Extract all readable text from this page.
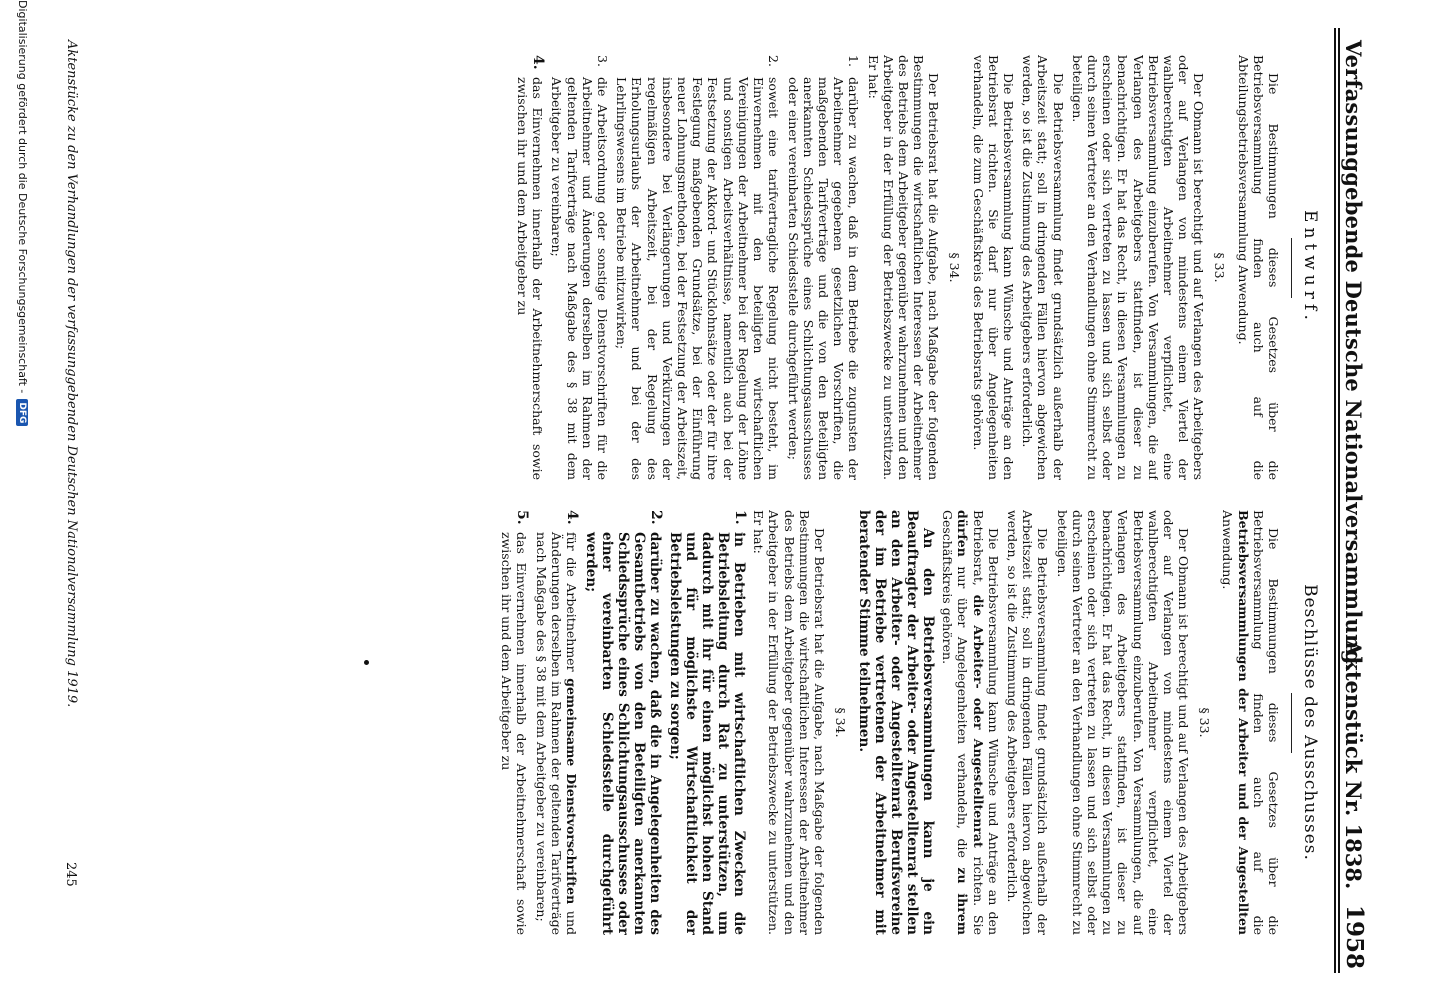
Verfassunggebende Deutsche Nationalversammlung.
Aktenstück Nr. 1838.
1958
Entwurf.

Die Bestimmungen dieses Gesetzes über die Betriebsversammlung finden auch auf die Abteilungsbetriebsversammlung Anwendung.

§ 33.

Der Obmann ist berechtigt und auf Verlangen des Arbeitgebers oder auf Verlangen von mindestens einem Viertel der wahlberechtigten Arbeitnehmer verpflichtet, eine Betriebsversammlung einzuberufen. Von Versammlungen, die auf Verlangen des Arbeitgebers stattfinden, ist dieser zu benachrichtigen. Er hat das Recht, in diesen Versammlungen zu erscheinen oder sich vertreten zu lassen und sich selbst oder durch seinen Vertreter an den Verhandlungen ohne Stimmrecht zu beteiligen.

Die Betriebsversammlung findet grundsätzlich außerhalb der Arbeitszeit statt; soll in dringenden Fällen hiervon abgewichen werden, so ist die Zustimmung des Arbeitgebers erforderlich.

Die Betriebsversammlung kann Wünsche und Anträge an den Betriebsrat richten. Sie darf nur über Angelegenheiten verhandeln, die zum Geschäftskreis des Betriebsrats gehören.

§ 34.

Der Betriebsrat hat die Aufgabe, nach Maßgabe der folgenden Bestimmungen die wirtschaftlichen Interessen der Arbeitnehmer des Betriebs dem Arbeitgeber gegenüber wahrzunehmen und den Arbeitgeber in der Erfüllung der Betriebszwecke zu unterstützen. Er hat:

1.

darüber zu wachen, daß in dem Betriebe die zugunsten der Arbeitnehmer gegebenen gesetzlichen Vorschriften, die maßgebenden Tarifverträge und die von den Beteiligten anerkannten Schiedssprüche eines Schlichtungsausschusses oder einer vereinbarten Schiedsstelle durchgeführt werden;

2.

soweit eine tarifvertragliche Regelung nicht besteht, im Einvernehmen mit den beteiligten wirtschaftlichen Vereinigungen der Arbeitnehmer bei der Regelung der Löhne und sonstigen Arbeitsverhältnisse, namentlich auch bei der Festsetzung der Akkord- und Stücklohnsätze oder der für ihre Festlegung maßgebenden Grundsätze, bei der Einführung neuer Lohnungsmethoden, bei der Festsetzung der Arbeitszeit, insbesondere bei Verlängerungen und Verkürzungen der regelmäßigen Arbeitszeit, bei der Regelung des Erholungsurlaubs der Arbeitnehmer und bei der des Lehrlingswesens im Betriebe mitzuwirken;

3.

die Arbeitsordnung oder sonstige Dienstvorschriften für die Arbeitnehmer und Änderungen derselben im Rahmen der geltenden Tarifverträge nach Maßgabe des § 38 mit dem Arbeitgeber zu vereinbaren;

4.

das Einvernehmen innerhalb der Arbeitnehmerschaft sowie zwischen ihr und dem Arbeitgeber zu

Beschlüsse des Ausschusses.

Die Bestimmungen dieses Gesetzes über die Betriebsversammlung finden auch auf die Betriebsversammlungen der Arbeiter und der Angestellten Anwendung.

§ 33.

Der Obmann ist berechtigt und auf Verlangen des Arbeitgebers oder auf Verlangen von mindestens einem Viertel der wahlberechtigten Arbeitnehmer verpflichtet, eine Betriebsversammlung einzuberufen. Von Versammlungen, die auf Verlangen des Arbeitgebers stattfinden, ist dieser zu benachrichtigen. Er hat das Recht, in diesen Versammlungen zu erscheinen oder sich vertreten zu lassen und sich selbst oder durch seinen Vertreter an den Verhandlungen ohne Stimmrecht zu beteiligen.

Die Betriebsversammlung findet grundsätzlich außerhalb der Arbeitszeit statt; soll in dringenden Fällen hiervon abgewichen werden, so ist die Zustimmung des Arbeitgebers erforderlich.

Die Betriebsversammlung kann Wünsche und Anträge an den Betriebsrat, die Arbeiter- oder Angestelltenrat richten. Sie dürfen nur über Angelegenheiten verhandeln, die zu ihrem Geschäftskreis gehören.

An den Betriebsversammlungen kann je ein Beauftragter der Arbeiter- oder Angestelltenrat stellen an den Arbeiter- oder Angestelltenrat Berufsvereine der im Betriebe vertretenen der Arbeitnehmer mit beratender Stimme teilnehmen.

§ 34.

Der Betriebsrat hat die Aufgabe, nach Maßgabe der folgenden Bestimmungen die wirtschaftlichen Interessen der Arbeitnehmer des Betriebs dem Arbeitgeber gegenüber wahrzunehmen und den Arbeitgeber in der Erfüllung der Betriebszwecke zu unterstützen. Er hat:

1.

in Betrieben mit wirtschaftlichen Zwecken die Betriebsleitung durch Rat zu unterstützen, um dadurch mit ihr für einen möglichst hohen Stand und für möglichste Wirtschaftlichkeit der Betriebsleistungen zu sorgen;

2.

darüber zu wachen, daß die in Angelegenheiten des Gesamtbetriebs von den Beteiligten anerkannten Schiedssprüche eines Schlichtungsausschusses oder einer vereinbarten Schiedsstelle durchgeführt werden;

4.

für die Arbeitnehmer gemeinsame Dienstvorschriften und Änderungen derselben im Rahmen der geltenden Tarifverträge nach Maßgabe des § 38 mit dem Arbeitgeber zu vereinbaren;

5.

das Einvernehmen innerhalb der Arbeitnehmerschaft sowie zwischen ihr und dem Arbeitgeber zu

Aktenstücke zu den Verhandlungen der verfassunggebenden Deutschen Nationalversammlung 1919.
245
Digitalisierung gefördert durch die Deutsche Forschungsgemeinschaft -
DFG
